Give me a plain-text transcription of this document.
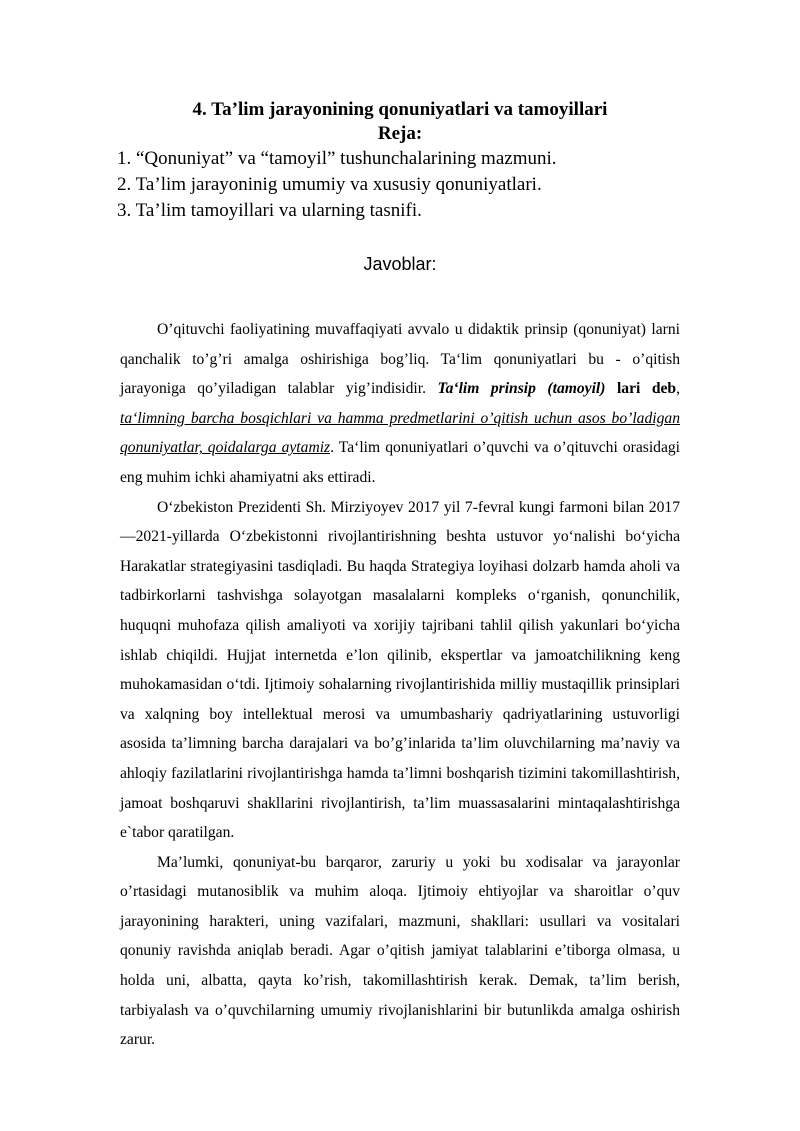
4. Ta’lim jarayonining qonuniyatlari va tamoyillari
Reja:
1. “Qonuniyat” va “tamoyil” tushunchalarining mazmuni.
2. Ta’lim jarayoninig umumiy va xususiy qonuniyatlari.
3. Ta’lim tamoyillari va ularning tasnifi.
Javoblar:

O’qituvchi faoliyatining muvaffaqiyati avvalo u didaktik prinsip (qonuniyat) larni qanchalik to’g’ri amalga oshirishiga bog’liq. Ta‘lim qonuniyatlari bu - o’qitish jarayoniga qo’yiladigan talablar yig’indisidir. Ta‘lim prinsip (tamoyil) lari deb, ta‘limning barcha bosqichlari va hamma predmetlarini o’qitish uchun asos bo’ladigan qonuniyatlar, qoidalarga aytamiz. Ta‘lim qonuniyatlari o’quvchi va o’qituvchi orasidagi eng muhim ichki ahamiyatni aks ettiradi.

O‘zbekiston Prezidenti Sh. Mirziyoyev 2017 yil 7-fevral kungi farmoni bilan 2017—2021-yillarda O‘zbekistonni rivojlantirishning beshta ustuvor yo‘nalishi bo‘yicha Harakatlar strategiyasini tasdiqladi. Bu haqda Strategiya loyihasi dolzarb hamda aholi va tadbirkorlarni tashvishga solayotgan masalalarni kompleks o‘rganish, qonunchilik, huquqni muhofaza qilish amaliyoti va xorijiy tajribani tahlil qilish yakunlari bo‘yicha ishlab chiqildi. Hujjat internetda e’lon qilinib, ekspertlar va jamoatchilikning keng muhokamasidan o‘tdi. Ijtimoiy sohalarning rivojlantirishida milliy mustaqillik prinsiplari va xalqning boy intellektual merosi va umumbashariy qadriyatlarining ustuvorligi asosida ta’limning barcha darajalari va bo’g’inlarida ta’lim oluvchilarning ma’naviy va ahloqiy fazilatlarini rivojlantirishga hamda ta’limni boshqarish tizimini takomillashtirish, jamoat boshqaruvi shakllarini rivojlantirish, ta’lim muassasalarini mintaqalashtirishga e`tabor qaratilgan.

Ma’lumki, qonuniyat-bu barqaror, zaruriy u yoki bu xodisalar va jarayonlar o’rtasidagi mutanosiblik va muhim aloqa. Ijtimoiy ehtiyojlar va sharoitlar o’quv jarayonining harakteri, uning vazifalari, mazmuni, shakllari: usullari va vositalari qonuniy ravishda aniqlab beradi. Agar o’qitish jamiyat talablarini e’tiborga olmasa, u holda uni, albatta, qayta ko’rish, takomillashtirish kerak. Demak, ta’lim berish, tarbiyalash va o’quvchilarning umumiy rivojlanishlarini bir butunlikda amalga oshirish zarur.
